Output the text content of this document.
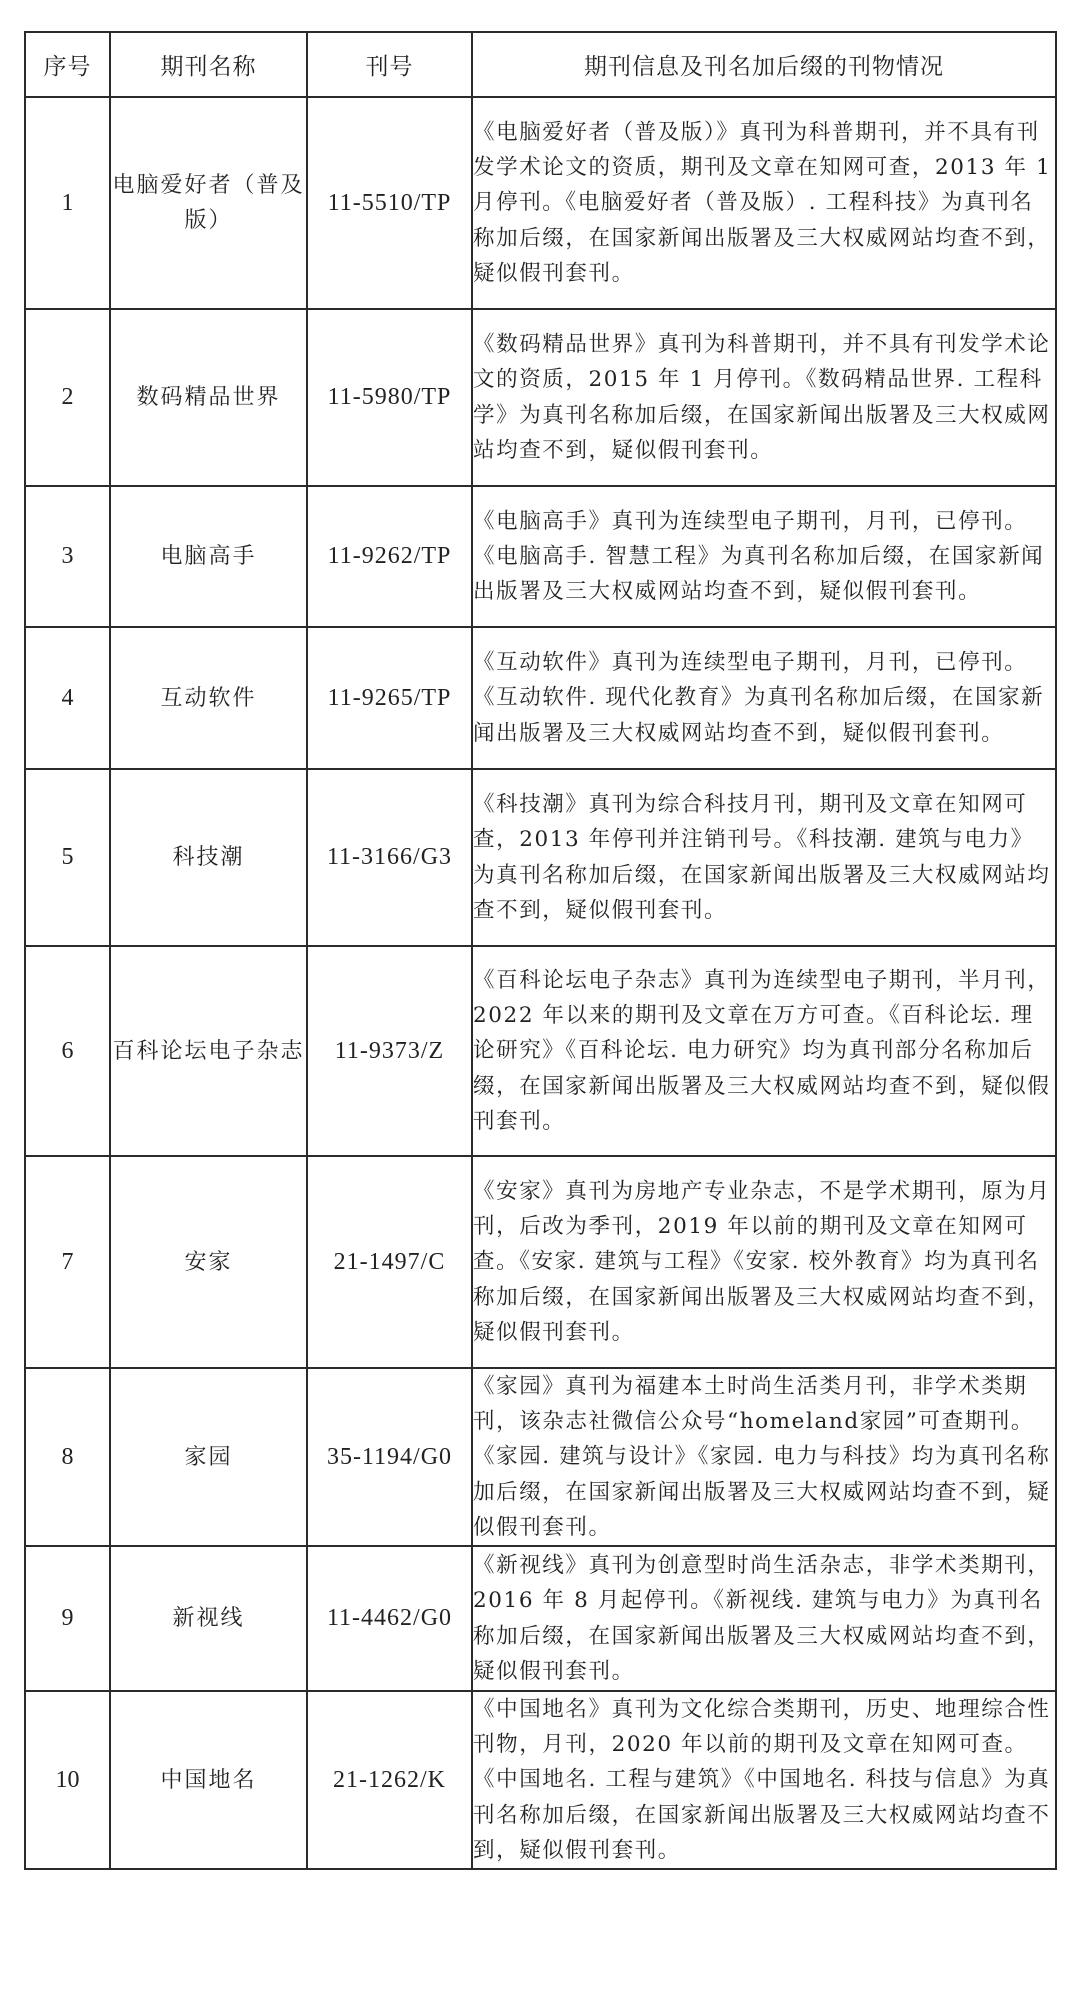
序号	期刊名称	刊号	期刊信息及刊名加后缀的刊物情况
1	电脑爱好者（普及版）	11-5510/TP	《电脑爱好者（普及版）》真刊为科普期刊，并不具有刊发学术论文的资质，期刊及文章在知网可查，2013 年 1 月停刊。《电脑爱好者（普及版）. 工程科技》为真刊名称加后缀，在国家新闻出版署及三大权威网站均查不到，疑似假刊套刊。
2	数码精品世界	11-5980/TP	《数码精品世界》真刊为科普期刊，并不具有刊发学术论文的资质，2015 年 1 月停刊。《数码精品世界. 工程科学》为真刊名称加后缀，在国家新闻出版署及三大权威网站均查不到，疑似假刊套刊。
3	电脑高手	11-9262/TP	《电脑高手》真刊为连续型电子期刊，月刊，已停刊。《电脑高手. 智慧工程》为真刊名称加后缀，在国家新闻出版署及三大权威网站均查不到，疑似假刊套刊。
4	互动软件	11-9265/TP	《互动软件》真刊为连续型电子期刊，月刊，已停刊。《互动软件. 现代化教育》为真刊名称加后缀，在国家新闻出版署及三大权威网站均查不到，疑似假刊套刊。
5	科技潮	11-3166/G3	《科技潮》真刊为综合科技月刊，期刊及文章在知网可查，2013 年停刊并注销刊号。《科技潮. 建筑与电力》为真刊名称加后缀，在国家新闻出版署及三大权威网站均查不到，疑似假刊套刊。
6	百科论坛电子杂志	11-9373/Z	《百科论坛电子杂志》真刊为连续型电子期刊，半月刊，2022 年以来的期刊及文章在万方可查。《百科论坛. 理论研究》《百科论坛. 电力研究》均为真刊部分名称加后缀，在国家新闻出版署及三大权威网站均查不到，疑似假刊套刊。
7	安家	21-1497/C	《安家》真刊为房地产专业杂志，不是学术期刊，原为月刊，后改为季刊，2019 年以前的期刊及文章在知网可查。《安家. 建筑与工程》《安家. 校外教育》均为真刊名称加后缀，在国家新闻出版署及三大权威网站均查不到，疑似假刊套刊。
8	家园	35-1194/G0	《家园》真刊为福建本土时尚生活类月刊，非学术类期刊，该杂志社微信公众号“homeland家园”可查期刊。《家园. 建筑与设计》《家园. 电力与科技》均为真刊名称加后缀，在国家新闻出版署及三大权威网站均查不到，疑似假刊套刊。
9	新视线	11-4462/G0	《新视线》真刊为创意型时尚生活杂志，非学术类期刊，2016 年 8 月起停刊。《新视线. 建筑与电力》为真刊名称加后缀，在国家新闻出版署及三大权威网站均查不到，疑似假刊套刊。
10	中国地名	21-1262/K	《中国地名》真刊为文化综合类期刊，历史、地理综合性刊物，月刊，2020 年以前的期刊及文章在知网可查。《中国地名. 工程与建筑》《中国地名. 科技与信息》为真刊名称加后缀，在国家新闻出版署及三大权威网站均查不到，疑似假刊套刊。
